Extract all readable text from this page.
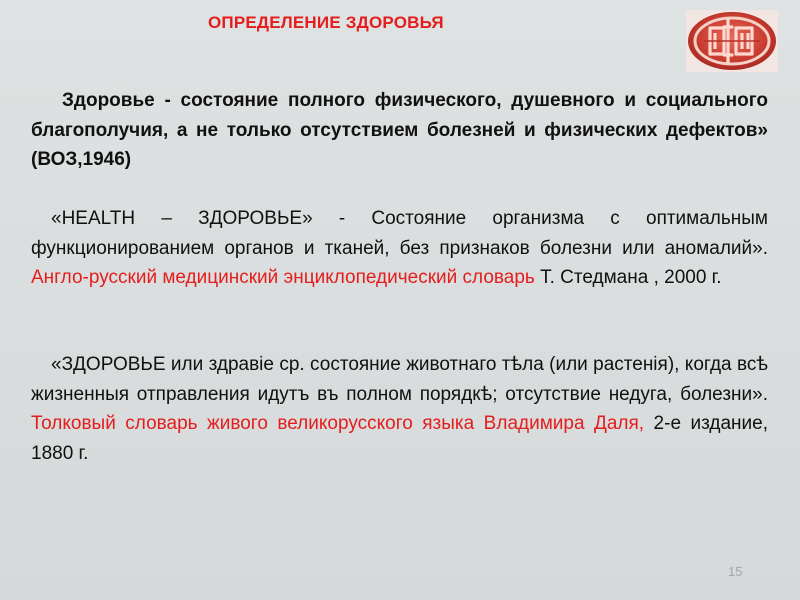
ОПРЕДЕЛЕНИЕ ЗДОРОВЬЯ

Здоровье - состояние полного физического, душевного и социального благополучия, а не только отсутствием болезней и физических дефектов» (ВОЗ,1946)

«HEALTH – ЗДОРОВЬЕ» - Состояние организма с оптимальным функционированием органов и тканей, без признаков болезни или аномалий». Англо-русский медицинский энциклопедический словарь Т. Стедмана , 2000 г.

«ЗДОРОВЬЕ или здравіе ср. состояние животнаго тѣла (или растенія), когда всѣ жизненныя отправления идутъ въ полном порядкѣ; отсутствие недуга, болезни». Толковый словарь живого великорусского языка Владимира Даля, 2-е издание, 1880 г.

15
